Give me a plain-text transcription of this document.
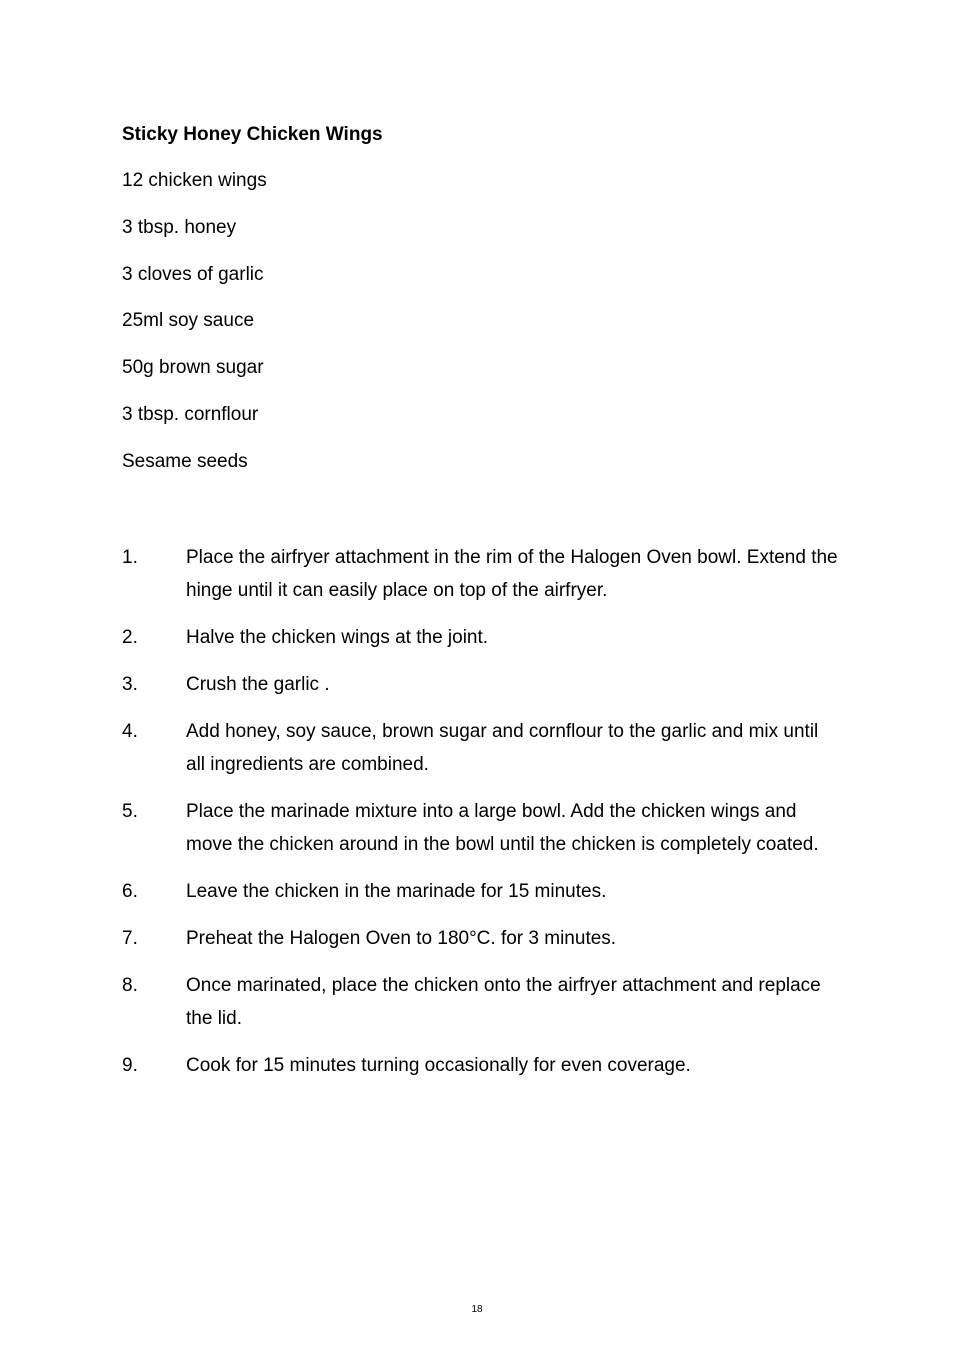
Sticky Honey Chicken Wings
12 chicken wings
3 tbsp. honey
3 cloves of garlic
25ml soy sauce
50g brown sugar
3 tbsp. cornflour
Sesame seeds
1.	Place the airfryer attachment in the rim of the Halogen Oven bowl. Extend the hinge until it can easily place on top of the airfryer.
2.	Halve the chicken wings at the joint.
3.	Crush the garlic .
4.	Add honey, soy sauce, brown sugar and cornflour to the garlic and mix until all ingredients are combined.
5.	Place the marinade mixture into a large bowl. Add the chicken wings and move the chicken around in the bowl until the chicken is completely coated.
6.	Leave the chicken in the marinade for 15 minutes.
7.	Preheat the Halogen Oven to 180°C. for 3 minutes.
8.	Once marinated, place the chicken onto the airfryer attachment and replace the lid.
9.	Cook for 15 minutes turning occasionally for even coverage.
18
